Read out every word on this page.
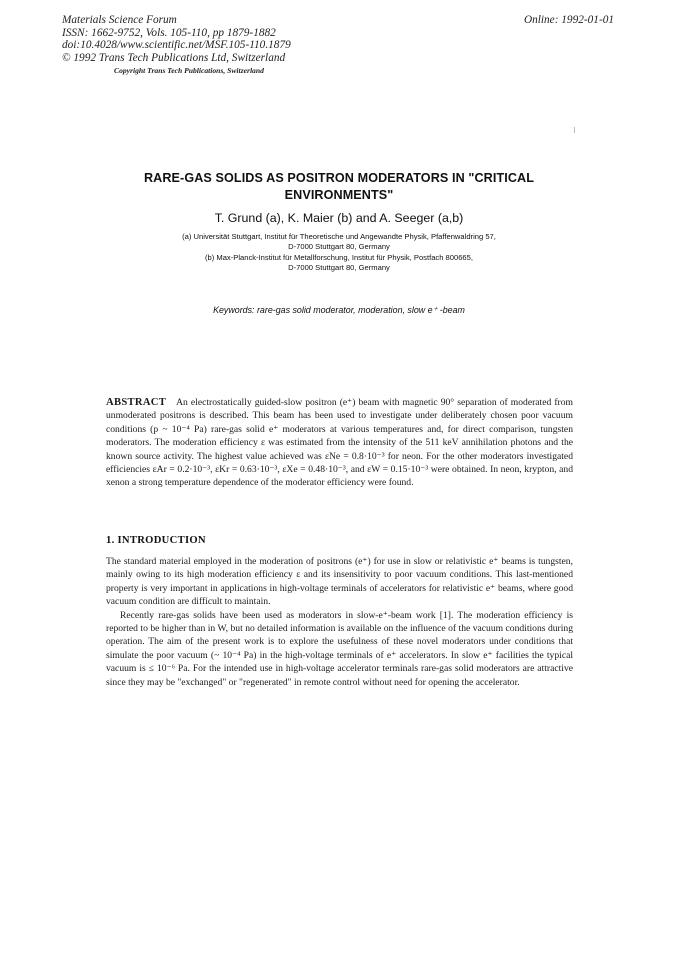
Materials Science Forum
ISSN: 1662-9752, Vols. 105-110, pp 1879-1882
doi:10.4028/www.scientific.net/MSF.105-110.1879
© 1992 Trans Tech Publications Ltd, Switzerland
Online: 1992-01-01
Copyright Trans Tech Publications, Switzerland
RARE-GAS SOLIDS AS POSITRON MODERATORS IN "CRITICAL ENVIRONMENTS"
T. Grund (a), K. Maier (b) and A. Seeger (a,b)
(a) Universität Stuttgart, Institut für Theoretische und Angewandte Physik, Pfaffenwaldring 57,
D-7000 Stuttgart 80, Germany
(b) Max-Planck-Institut für Metallforschung, Institut für Physik, Postfach 800665,
D-7000 Stuttgart 80, Germany
Keywords: rare-gas solid moderator, moderation, slow e⁺ -beam
ABSTRACT An electrostatically guided-slow positron (e⁺) beam with magnetic 90° separation of moderated from unmoderated positrons is described. This beam has been used to investigate under deliberately chosen poor vacuum conditions (p ~ 10⁻⁴ Pa) rare-gas solid e⁺ moderators at various temperatures and, for direct comparison, tungsten moderators. The moderation efficiency ε was estimated from the intensity of the 511 keV annihilation photons and the known source activity. The highest value achieved was εNe = 0.8·10⁻³ for neon. For the other moderators investigated efficiencies εAr = 0.2·10⁻³, εKr = 0.63·10⁻³, εXe = 0.48·10⁻³, and εW = 0.15·10⁻³ were obtained. In neon, krypton, and xenon a strong temperature dependence of the moderator efficiency were found.
1. INTRODUCTION

The standard material employed in the moderation of positrons (e⁺) for use in slow or relativistic e⁺ beams is tungsten, mainly owing to its high moderation efficiency ε and its insensitivity to poor vacuum conditions. This last-mentioned property is very important in applications in high-voltage terminals of accelerators for relativistic e⁺ beams, where good vacuum condition are difficult to maintain.

Recently rare-gas solids have been used as moderators in slow-e⁺-beam work [1]. The moderation efficiency is reported to be higher than in W, but no detailed information is available on the influence of the vacuum conditions during operation. The aim of the present work is to explore the usefulness of these novel moderators under conditions that simulate the poor vacuum (~ 10⁻⁴ Pa) in the high-voltage terminals of e⁺ accelerators. In slow e⁺ facilities the typical vacuum is ≤ 10⁻⁶ Pa. For the intended use in high-voltage accelerator terminals rare-gas solid moderators are attractive since they may be "exchanged" or "regenerated" in remote control without need for opening the accelerator.
